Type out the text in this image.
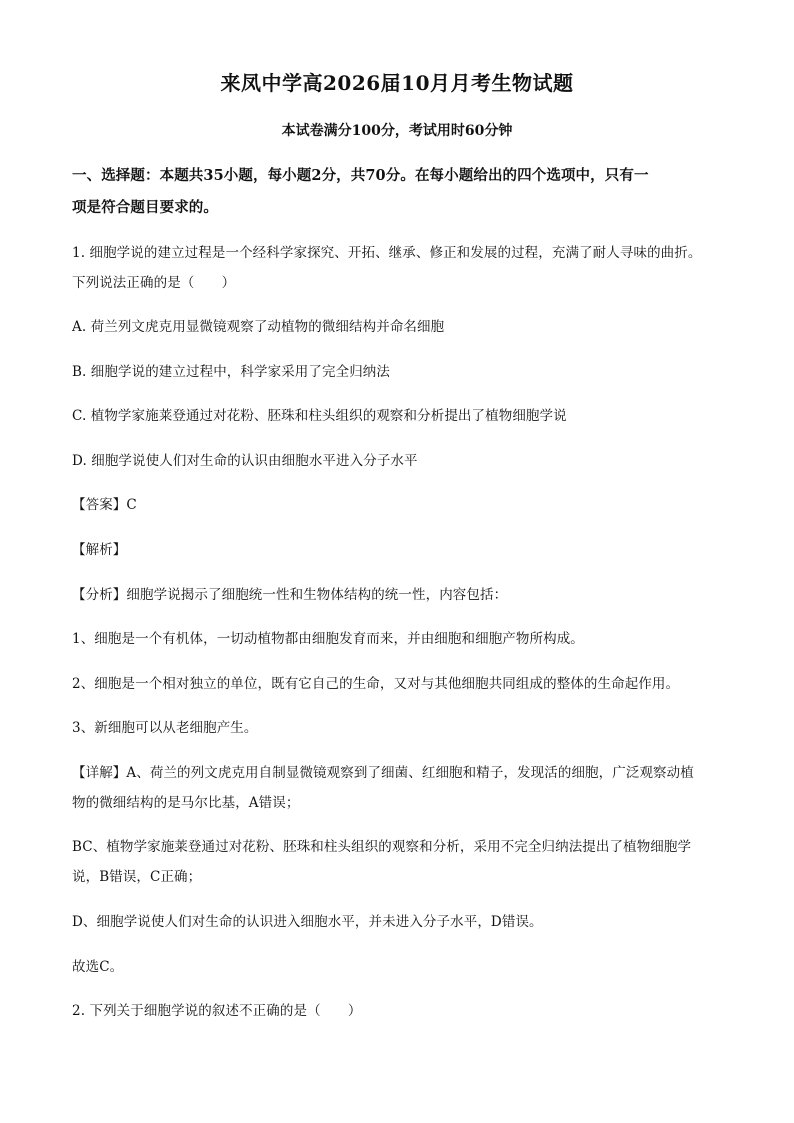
来凤中学高2026届10月月考生物试题
本试卷满分100分，考试用时60分钟
一、选择题：本题共35小题，每小题2分，共70分。在每小题给出的四个选项中，只有一
项是符合题目要求的。
1. 细胞学说的建立过程是一个经科学家探究、开拓、继承、修正和发展的过程，充满了耐人寻味的曲折。
下列说法正确的是（　　）
A. 荷兰列文虎克用显微镜观察了动植物的微细结构并命名细胞
B. 细胞学说的建立过程中，科学家采用了完全归纳法
C. 植物学家施莱登通过对花粉、胚珠和柱头组织的观察和分析提出了植物细胞学说
D. 细胞学说使人们对生命的认识由细胞水平进入分子水平
【答案】C
【解析】
【分析】细胞学说揭示了细胞统一性和生物体结构的统一性，内容包括：
1、细胞是一个有机体，一切动植物都由细胞发育而来，并由细胞和细胞产物所构成。
2、细胞是一个相对独立的单位，既有它自己的生命，又对与其他细胞共同组成的整体的生命起作用。
3、新细胞可以从老细胞产生。
【详解】A、荷兰的列文虎克用自制显微镜观察到了细菌、红细胞和精子，发现活的细胞，广泛观察动植
物的微细结构的是马尔比基，A错误；
BC、植物学家施莱登通过对花粉、胚珠和柱头组织的观察和分析，采用不完全归纳法提出了植物细胞学
说，B错误，C正确；
D、细胞学说使人们对生命的认识进入细胞水平，并未进入分子水平，D错误。
故选C。
2. 下列关于细胞学说的叙述不正确的是（　　）
